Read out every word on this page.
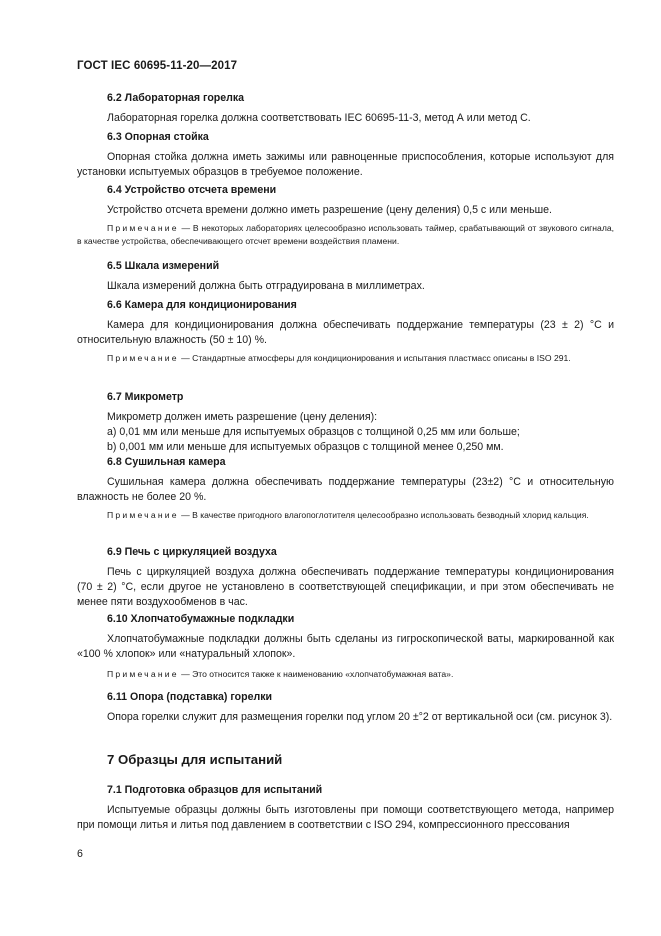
ГОСТ IEC 60695-11-20—2017
6.2 Лабораторная горелка
Лабораторная горелка должна соответствовать IEC 60695-11-3, метод А или метод С.
6.3 Опорная стойка
Опорная стойка должна иметь зажимы или равноценные приспособления, которые используют для установки испытуемых образцов в требуемое положение.
6.4 Устройство отсчета времени
Устройство отсчета времени должно иметь разрешение (цену деления) 0,5 с или меньше.
Примечание — В некоторых лабораториях целесообразно использовать таймер, срабатывающий от звукового сигнала, в качестве устройства, обеспечивающего отсчет времени воздействия пламени.
6.5 Шкала измерений
Шкала измерений должна быть отградуирована в миллиметрах.
6.6 Камера для кондиционирования
Камера для кондиционирования должна обеспечивать поддержание температуры (23 ± 2) °С и относительную влажность (50 ± 10) %.
Примечание — Стандартные атмосферы для кондиционирования и испытания пластмасс описаны в ISO 291.
6.7 Микрометр
Микрометр должен иметь разрешение (цену деления):
a) 0,01 мм или меньше для испытуемых образцов с толщиной 0,25 мм или больше;
b) 0,001 мм или меньше для испытуемых образцов с толщиной менее 0,250 мм.
6.8 Сушильная камера
Сушильная камера должна обеспечивать поддержание температуры (23±2) °С и относительную влажность не более 20 %.
Примечание — В качестве пригодного влагопоглотителя целесообразно использовать безводный хлорид кальция.
6.9 Печь с циркуляцией воздуха
Печь с циркуляцией воздуха должна обеспечивать поддержание температуры кондиционирования (70 ± 2) °С, если другое не установлено в соответствующей спецификации, и при этом обеспечивать не менее пяти воздухообменов в час.
6.10 Хлопчатобумажные подкладки
Хлопчатобумажные подкладки должны быть сделаны из гигроскопической ваты, маркированной как «100 % хлопок» или «натуральный хлопок».
Примечание — Это относится также к наименованию «хлопчатобумажная вата».
6.11 Опора (подставка) горелки
Опора горелки служит для размещения горелки под углом 20 ±°2 от вертикальной оси (см. рисунок 3).
7 Образцы для испытаний
7.1 Подготовка образцов для испытаний
Испытуемые образцы должны быть изготовлены при помощи соответствующего метода, например при помощи литья и литья под давлением в соответствии с ISO 294, компрессионного прессования
6
